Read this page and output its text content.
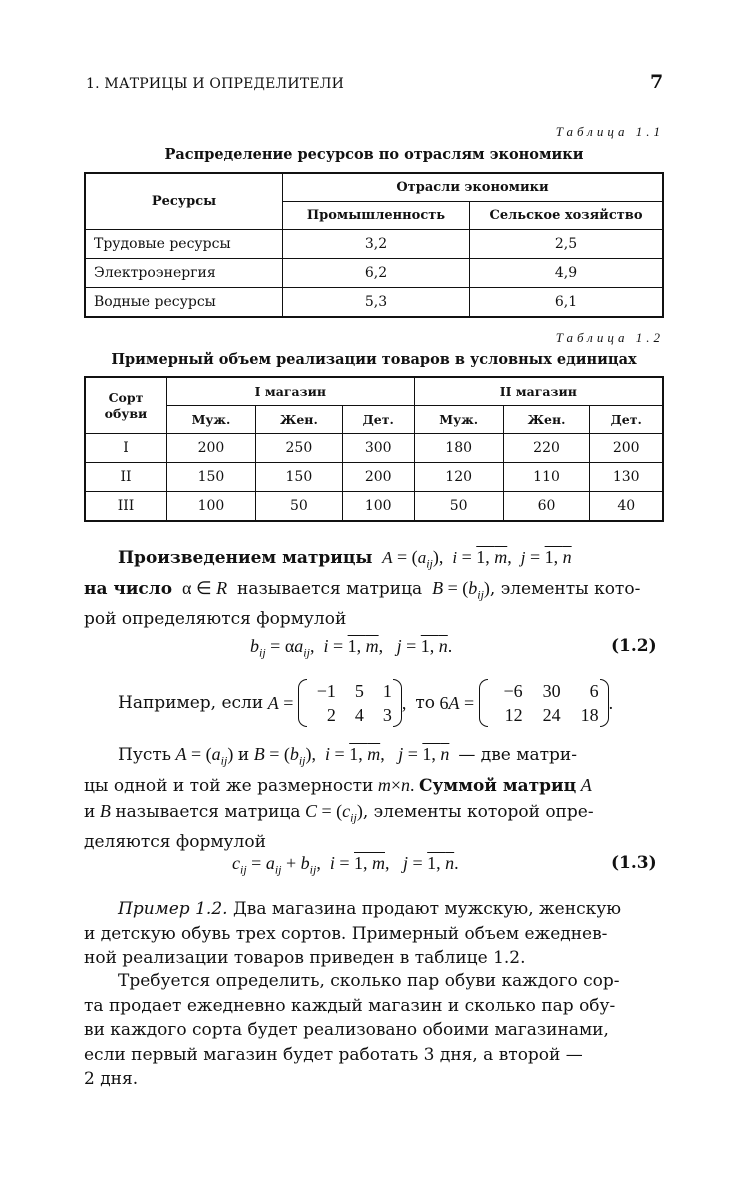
1. МАТРИЦЫ И ОПРЕДЕЛИТЕЛИ	7
Таблица 1.1
Распределение ресурсов по отраслям экономики
Ресурсы	Отрасли экономики	
	Промышленность	Сельское хозяйство
Трудовые ресурсы	3,2	2,5
Электроэнергия	6,2	4,9
Водные ресурсы	5,3	6,1
Таблица 1.2
Примерный объем реализации товаров в условных единицах
Сорт обуви	I магазин			II магазин		
	Муж.	Жен.	Дет.	Муж.	Жен.	Дет.
I	200	250	300	180	220	200
II	150	150	200	120	110	130
III	100	50	100	50	60	40
Произведением матрицы  $A = (a_{ij})$,  i = 1, m,  j = 1, n
на число  α ∈ R называется матрица $B = (b_{ij})$, элементы кото-
рой определяются формулой
$b_{ij} = \alpha a_{ij}$,  i = 1, m,   j = 1, n.	(1.2)
Например, если A =
−1	5	1
2	4	3
, то 6A =
−6	30	6
12	24	18
.
Пусть $A = (a_{ij})$ и $B = (b_{ij})$,  i = 1, m,   j = 1, n — две матри-
цы одной и той же размерности m×n. Суммой матриц A
и B называется матрица $C = (c_{ij})$, элементы которой опре-
деляются формулой
$c_{ij} = a_{ij} + b_{ij}$,  i = 1, m,   j = 1, n.	(1.3)
Пример 1.2. Два магазина продают мужскую, женскую
и детскую обувь трех сортов. Примерный объем ежеднев-
ной реализации товаров приведен в таблице 1.2.
Требуется определить, сколько пар обуви каждого сор-
та продает ежедневно каждый магазин и сколько пар обу-
ви каждого сорта будет реализовано обоими магазинами,
если первый магазин будет работать 3 дня, а второй —
2 дня.
